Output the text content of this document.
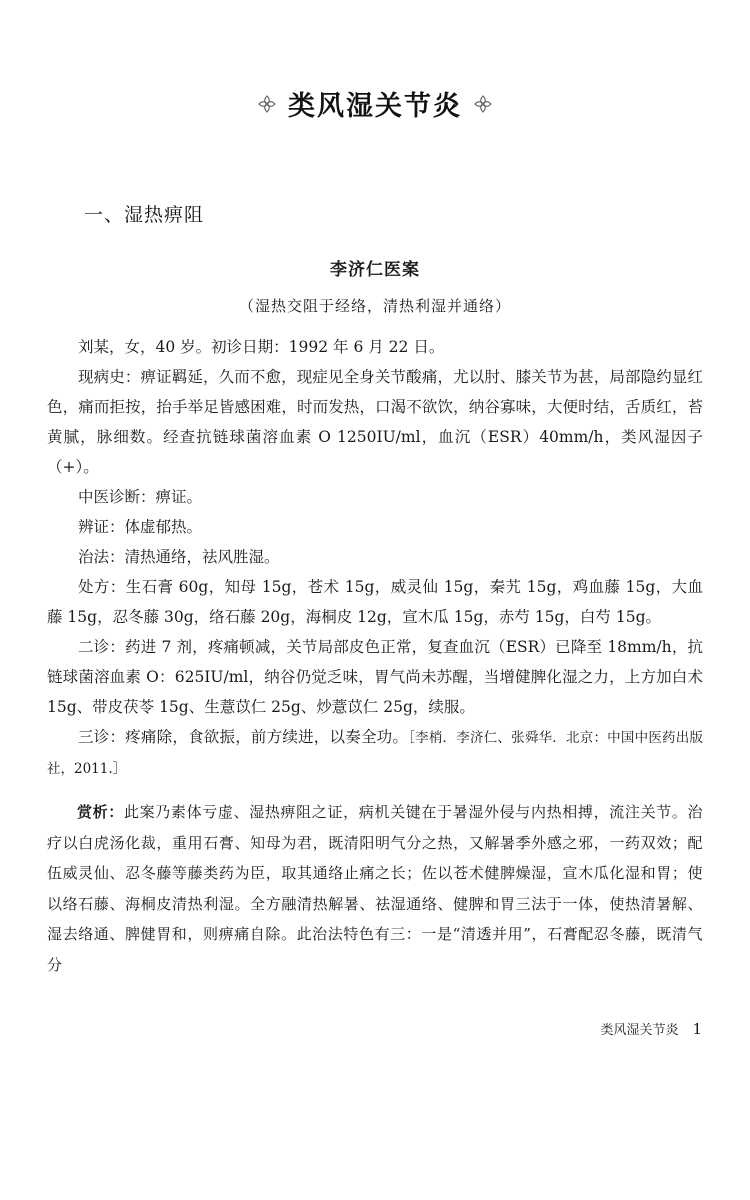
类风湿关节炎
一、湿热痹阻
李济仁医案
（湿热交阻于经络，清热利湿并通络）

刘某，女，40 岁。初诊日期：1992 年 6 月 22 日。

现病史：痹证羁延，久而不愈，现症见全身关节酸痛，尤以肘、膝关节为甚，局部隐约显红色，痛而拒按，抬手举足皆感困难，时而发热，口渴不欲饮，纳谷寡味，大便时结，舌质红，苔黄腻，脉细数。经查抗链球菌溶血素 O 1250IU/ml，血沉（ESR）40mm/h，类风湿因子（+）。

中医诊断：痹证。

辨证：体虚郁热。

治法：清热通络，祛风胜湿。

处方：生石膏 60g，知母 15g，苍术 15g，威灵仙 15g，秦艽 15g，鸡血藤 15g，大血藤 15g，忍冬藤 30g，络石藤 20g，海桐皮 12g，宣木瓜 15g，赤芍 15g，白芍 15g。

二诊：药进 7 剂，疼痛顿减，关节局部皮色正常，复查血沉（ESR）已降至 18mm/h，抗链球菌溶血素 O：625IU/ml，纳谷仍觉乏味，胃气尚未苏醒，当增健脾化湿之力，上方加白术 15g、带皮茯苓 15g、生薏苡仁 25g、炒薏苡仁 25g，续服。

三诊：疼痛除，食欲振，前方续进，以奏全功。［李梢．李济仁、张舜华．北京：中国中医药出版社，2011.］

赏析：此案乃素体亏虚、湿热痹阻之证，病机关键在于暑湿外侵与内热相搏，流注关节。治疗以白虎汤化裁，重用石膏、知母为君，既清阳明气分之热，又解暑季外感之邪，一药双效；配伍威灵仙、忍冬藤等藤类药为臣，取其通络止痛之长；佐以苍术健脾燥湿，宣木瓜化湿和胃；使以络石藤、海桐皮清热利湿。全方融清热解暑、祛湿通络、健脾和胃三法于一体，使热清暑解、湿去络通、脾健胃和，则痹痛自除。此治法特色有三：一是“清透并用”，石膏配忍冬藤，既清气分

类风湿关节炎 1
